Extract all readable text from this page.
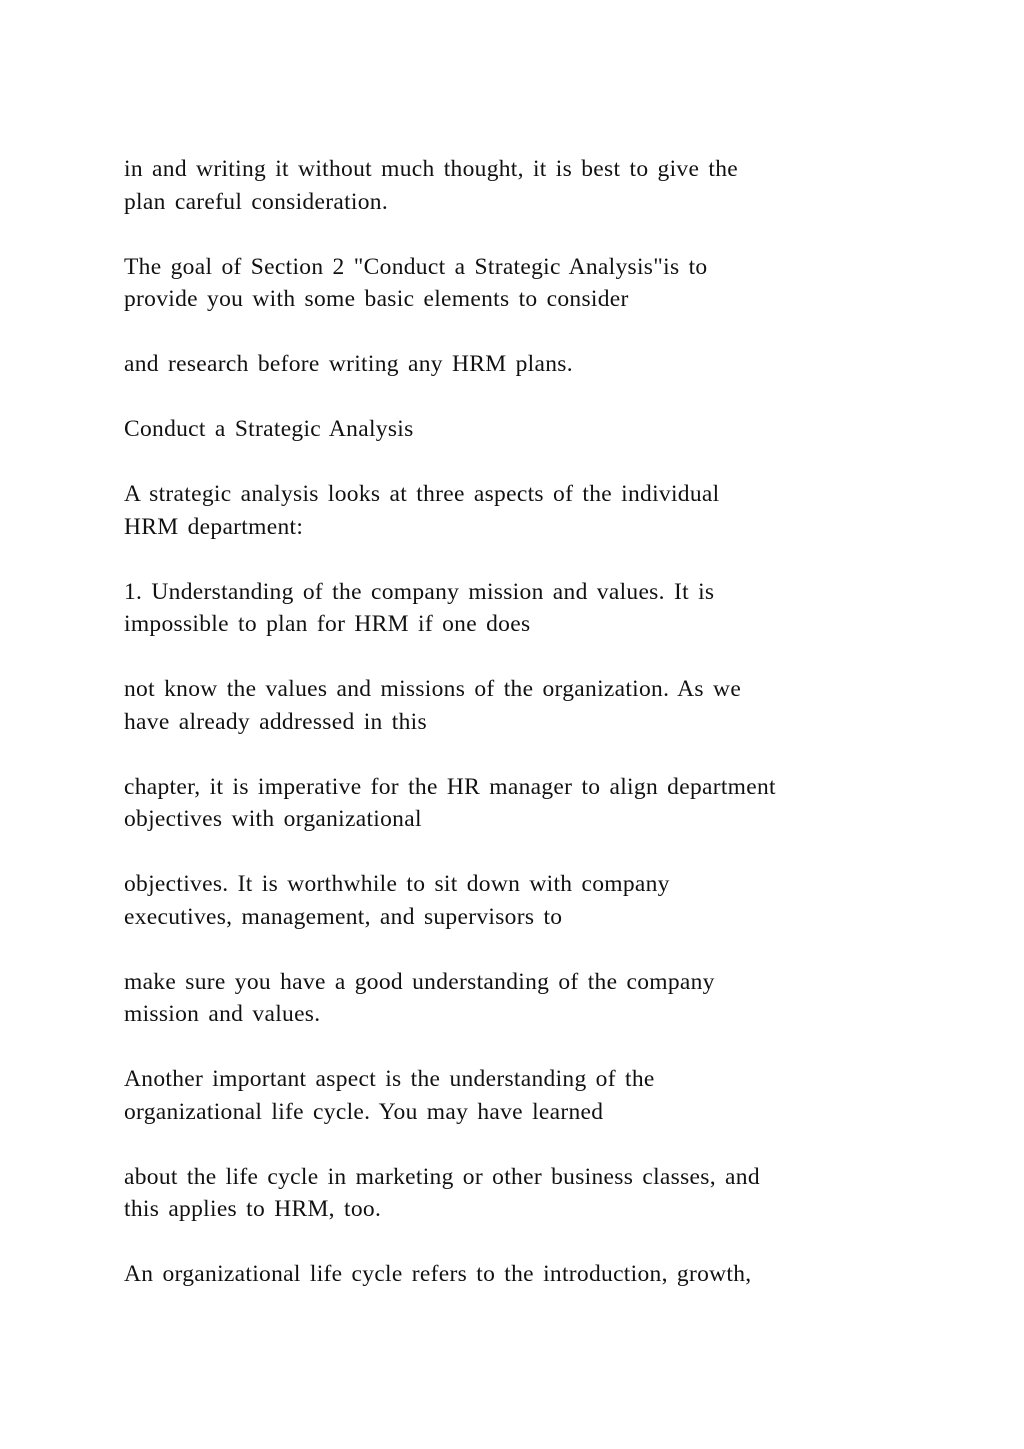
in and writing it without much thought, it is best to give the
plan careful consideration.

The goal of Section 2 "Conduct a Strategic Analysis"is to
provide you with some basic elements to consider

and research before writing any HRM plans.

Conduct a Strategic Analysis

A strategic analysis looks at three aspects of the individual
HRM department:

1. Understanding of the company mission and values. It is
impossible to plan for HRM if one does

not know the values and missions of the organization. As we
have already addressed in this

chapter, it is imperative for the HR manager to align department
objectives with organizational

objectives. It is worthwhile to sit down with company
executives, management, and supervisors to

make sure you have a good understanding of the company
mission and values.

Another important aspect is the understanding of the
organizational life cycle. You may have learned

about the life cycle in marketing or other business classes, and
this applies to HRM, too.

An organizational life cycle refers to the introduction, growth,
